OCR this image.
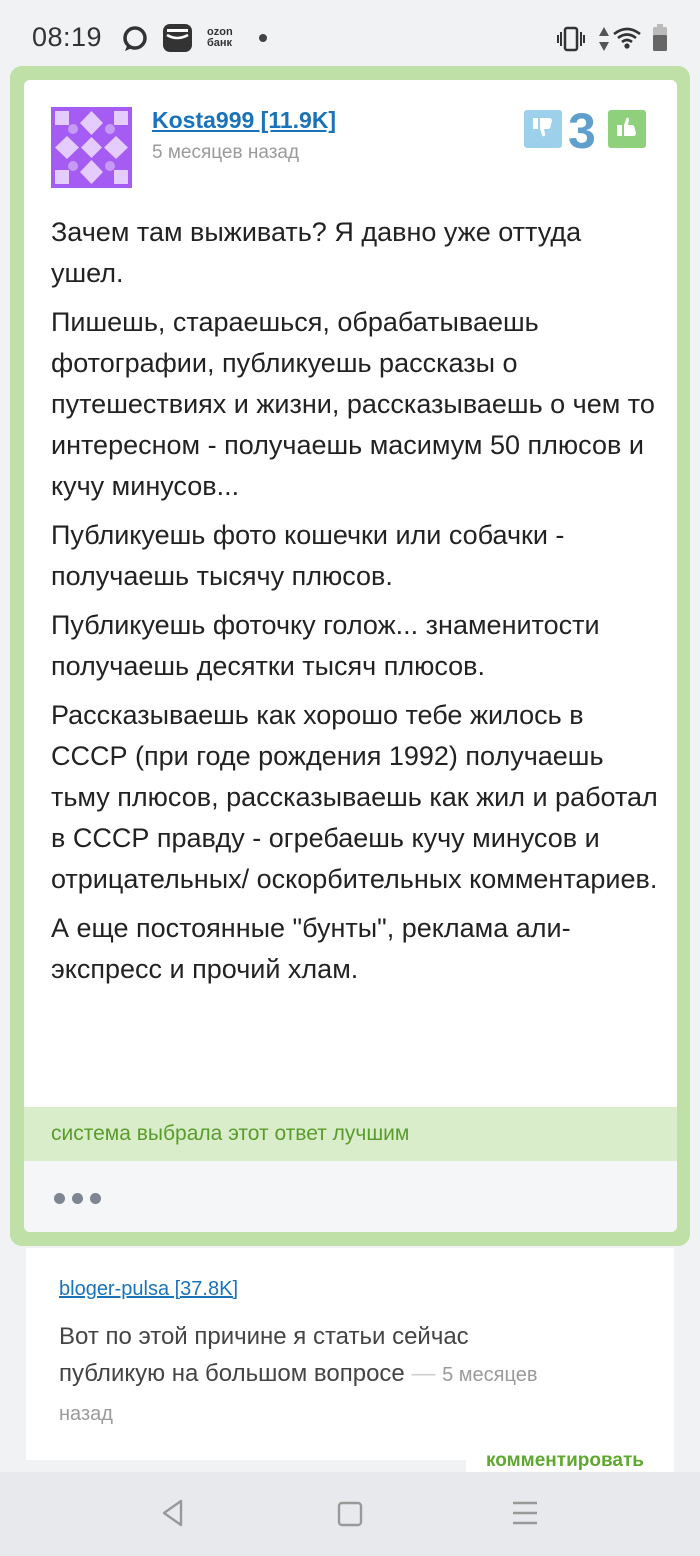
08:19	ozon
банк
Kosta999 [11.9K]
5 месяцев назад	3

Зачем там выживать? Я давно уже оттуда ушел.

Пишешь, стараешься, обрабатываешь фотографии, публикуешь рассказы о путешествиях и жизни, рассказываешь о чем то интересном - получаешь масимум 50 плюсов и кучу минусов...

Публикуешь фото кошечки или собачки - получаешь тысячу плюсов.

Публикуешь фоточку голож... знаменитости получаешь десятки тысяч плюсов.

Рассказываешь как хорошо тебе жилось в СССР (при годе рождения 1992) получаешь тьму плюсов, рассказываешь как жил и работал в СССР правду - огребаешь кучу минусов и отрицательных/ оскорбительных комментариев.

А еще постоянные "бунты", реклама али-экспресс и прочий хлам.

система выбрала этот ответ лучшим
bloger-pulsa [37.8K]
Вот по этой причине я статьи сейчас публикую на большом вопросе — 5 месяцев назад
комментировать
